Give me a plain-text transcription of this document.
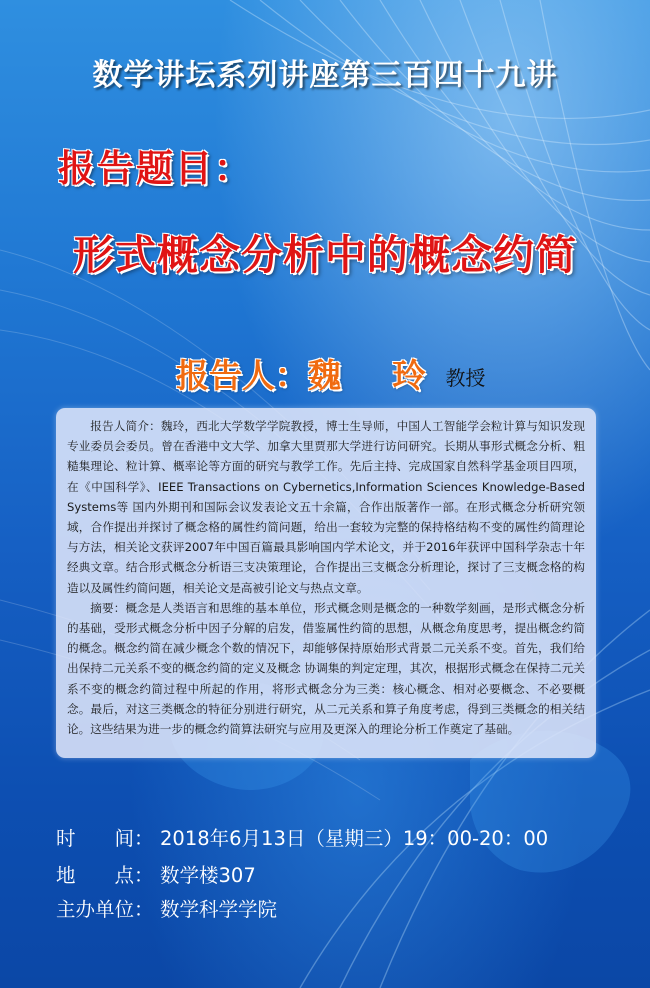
数学讲坛系列讲座第三百四十九讲
报告题目：
形式概念分析中的概念约简
报告人：魏 玲教授

报告人简介：魏玲，西北大学数学学院教授，博士生导师，中国人工智能学会粒计算与知识发现专业委员会委员。曾在香港中文大学、加拿大里贾那大学进行访问研究。长期从事形式概念分析、粗糙集理论、粒计算、概率论等方面的研究与教学工作。先后主持、完成国家自然科学基金项目四项，在《中国科学》、IEEE Transactions on Cybernetics,Information Sciences Knowledge-Based Systems等 国内外期刊和国际会议发表论文五十余篇，合作出版著作一部。在形式概念分析研究领域，合作提出并探讨了概念格的属性约简问题，给出一套较为完整的保持格结构不变的属性约简理论与方法，相关论文获评2007年中国百篇最具影响国内学术论文，并于2016年获评中国科学杂志十年经典文章。结合形式概念分析语三支决策理论，合作提出三支概念分析理论，探讨了三支概念格的构造以及属性约简问题，相关论文是高被引论文与热点文章。

摘要：概念是人类语言和思维的基本单位，形式概念则是概念的一种数学刻画，是形式概念分析的基础，受形式概念分析中因子分解的启发，借鉴属性约简的思想，从概念角度思考，提出概念约简的概念。概念约简在减少概念个数的情况下，却能够保持原始形式背景二元关系不变。首先，我们给出保持二元关系不变的概念约简的定义及概念 协调集的判定定理，其次，根据形式概念在保持二元关系不变的概念约简过程中所起的作用，将形式概念分为三类：核心概念、相对必要概念、不必要概念。最后，对这三类概念的特征分别进行研究，从二元关系和算子角度考虑，得到三类概念的相关结论。这些结果为进一步的概念约简算法研究与应用及更深入的理论分析工作奠定了基础。

时　　间： 2018年6月13日（星期三）19：00-20：00
地　　点： 数学楼307
主办单位： 数学科学学院
